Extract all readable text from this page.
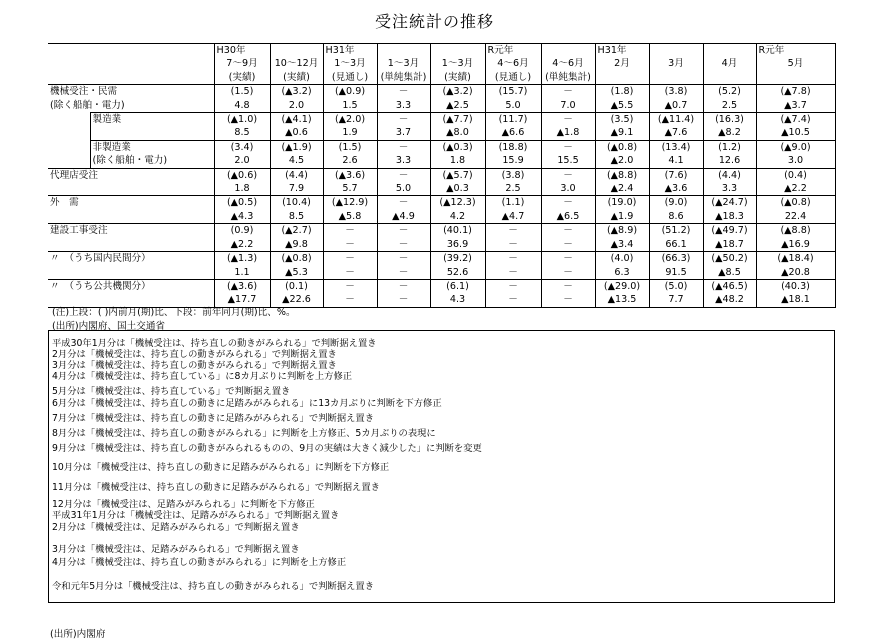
受注統計の推移
		H30年		H31年			R元年		H31年			R元年
		7～9月	10～12月	1～3月	1～3月	1～3月	4～6月	4～6月	2月	3月	4月	5月
		(実績)	(実績)	(見通し)	(単純集計)	(実績)	(見通し)	(単純集計)				
機械受注・民需		(1.5)	(▲3.2)	(▲0.9)	－	(▲3.2)	(15.7)	－	(1.8)	(3.8)	(5.2)	(▲7.8)
(除く船舶・電力)		4.8	2.0	1.5	3.3	▲2.5	5.0	7.0	▲5.5	▲0.7	2.5	▲3.7
	製造業	(▲1.0)	(▲4.1)	(▲2.0)	－	(▲7.7)	(11.7)	－	(3.5)	(▲11.4)	(16.3)	(▲7.4)
		8.5	▲0.6	1.9	3.7	▲8.0	▲6.6	▲1.8	▲9.1	▲7.6	▲8.2	▲10.5
	非製造業	(3.4)	(▲1.9)	(1.5)	－	(▲0.3)	(18.8)	－	(▲0.8)	(13.4)	(1.2)	(▲9.0)
	(除く船舶・電力)	2.0	4.5	2.6	3.3	1.8	15.9	15.5	▲2.0	4.1	12.6	3.0
代理店受注		(▲0.6)	(4.4)	(▲3.6)	－	(▲5.7)	(3.8)	－	(▲8.8)	(7.6)	(4.4)	(0.4)
		1.8	7.9	5.7	5.0	▲0.3	2.5	3.0	▲2.4	▲3.6	3.3	▲2.2
外　需		(▲0.5)	(10.4)	(▲12.9)	－	(▲12.3)	(1.1)	－	(19.0)	(9.0)	(▲24.7)	(▲0.8)
		▲4.3	8.5	▲5.8	▲4.9	4.2	▲4.7	▲6.5	▲1.9	8.6	▲18.3	22.4
建設工事受注		(0.9)	(▲2.7)	－	－	(40.1)	－	－	(▲8.9)	(51.2)	(▲49.7)	(▲8.8)
		▲2.2	▲9.8	－	－	36.9	－	－	▲3.4	66.1	▲18.7	▲16.9
〃　（うち国内民間分）		(▲1.3)	(▲0.8)	－	－	(39.2)	－	－	(4.0)	(66.3)	(▲50.2)	(▲18.4)
		1.1	▲5.3	－	－	52.6	－	－	6.3	91.5	▲8.5	▲20.8
〃　（うち公共機関分）		(▲3.6)	(0.1)	－	－	(6.1)	－	－	(▲29.0)	(5.0)	(▲46.5)	(40.3)
		▲17.7	▲22.6	－	－	4.3	－	－	▲13.5	7.7	▲48.2	▲18.1
(注)上段：( )内前月(期)比、下段：前年同月(期)比、%。
(出所)内閣府、国土交通省
平成30年1月分は「機械受注は、持ち直しの動きがみられる」で判断据え置き
2月分は「機械受注は、持ち直しの動きがみられる」で判断据え置き
3月分は「機械受注は、持ち直しの動きがみられる」で判断据え置き
4月分は「機械受注は、持ち直している」に8カ月ぶりに判断を上方修正
5月分は「機械受注は、持ち直している」で判断据え置き
6月分は「機械受注は、持ち直しの動きに足踏みがみられる」に13カ月ぶりに判断を下方修正
7月分は「機械受注は、持ち直しの動きに足踏みがみられる」で判断据え置き
8月分は「機械受注は、持ち直しの動きがみられる」に判断を上方修正、5カ月ぶりの表現に
9月分は「機械受注は、持ち直しの動きがみられるものの、9月の実績は大きく減少した」に判断を変更
10月分は「機械受注は、持ち直しの動きに足踏みがみられる」に判断を下方修正
11月分は「機械受注は、持ち直しの動きに足踏みがみられる」で判断据え置き
12月分は「機械受注は、足踏みがみられる」に判断を下方修正
平成31年1月分は「機械受注は、足踏みがみられる」で判断据え置き
2月分は「機械受注は、足踏みがみられる」で判断据え置き
3月分は「機械受注は、足踏みがみられる」で判断据え置き
4月分は「機械受注は、持ち直しの動きがみられる」に判断を上方修正
令和元年5月分は「機械受注は、持ち直しの動きがみられる」で判断据え置き
(出所)内閣府
